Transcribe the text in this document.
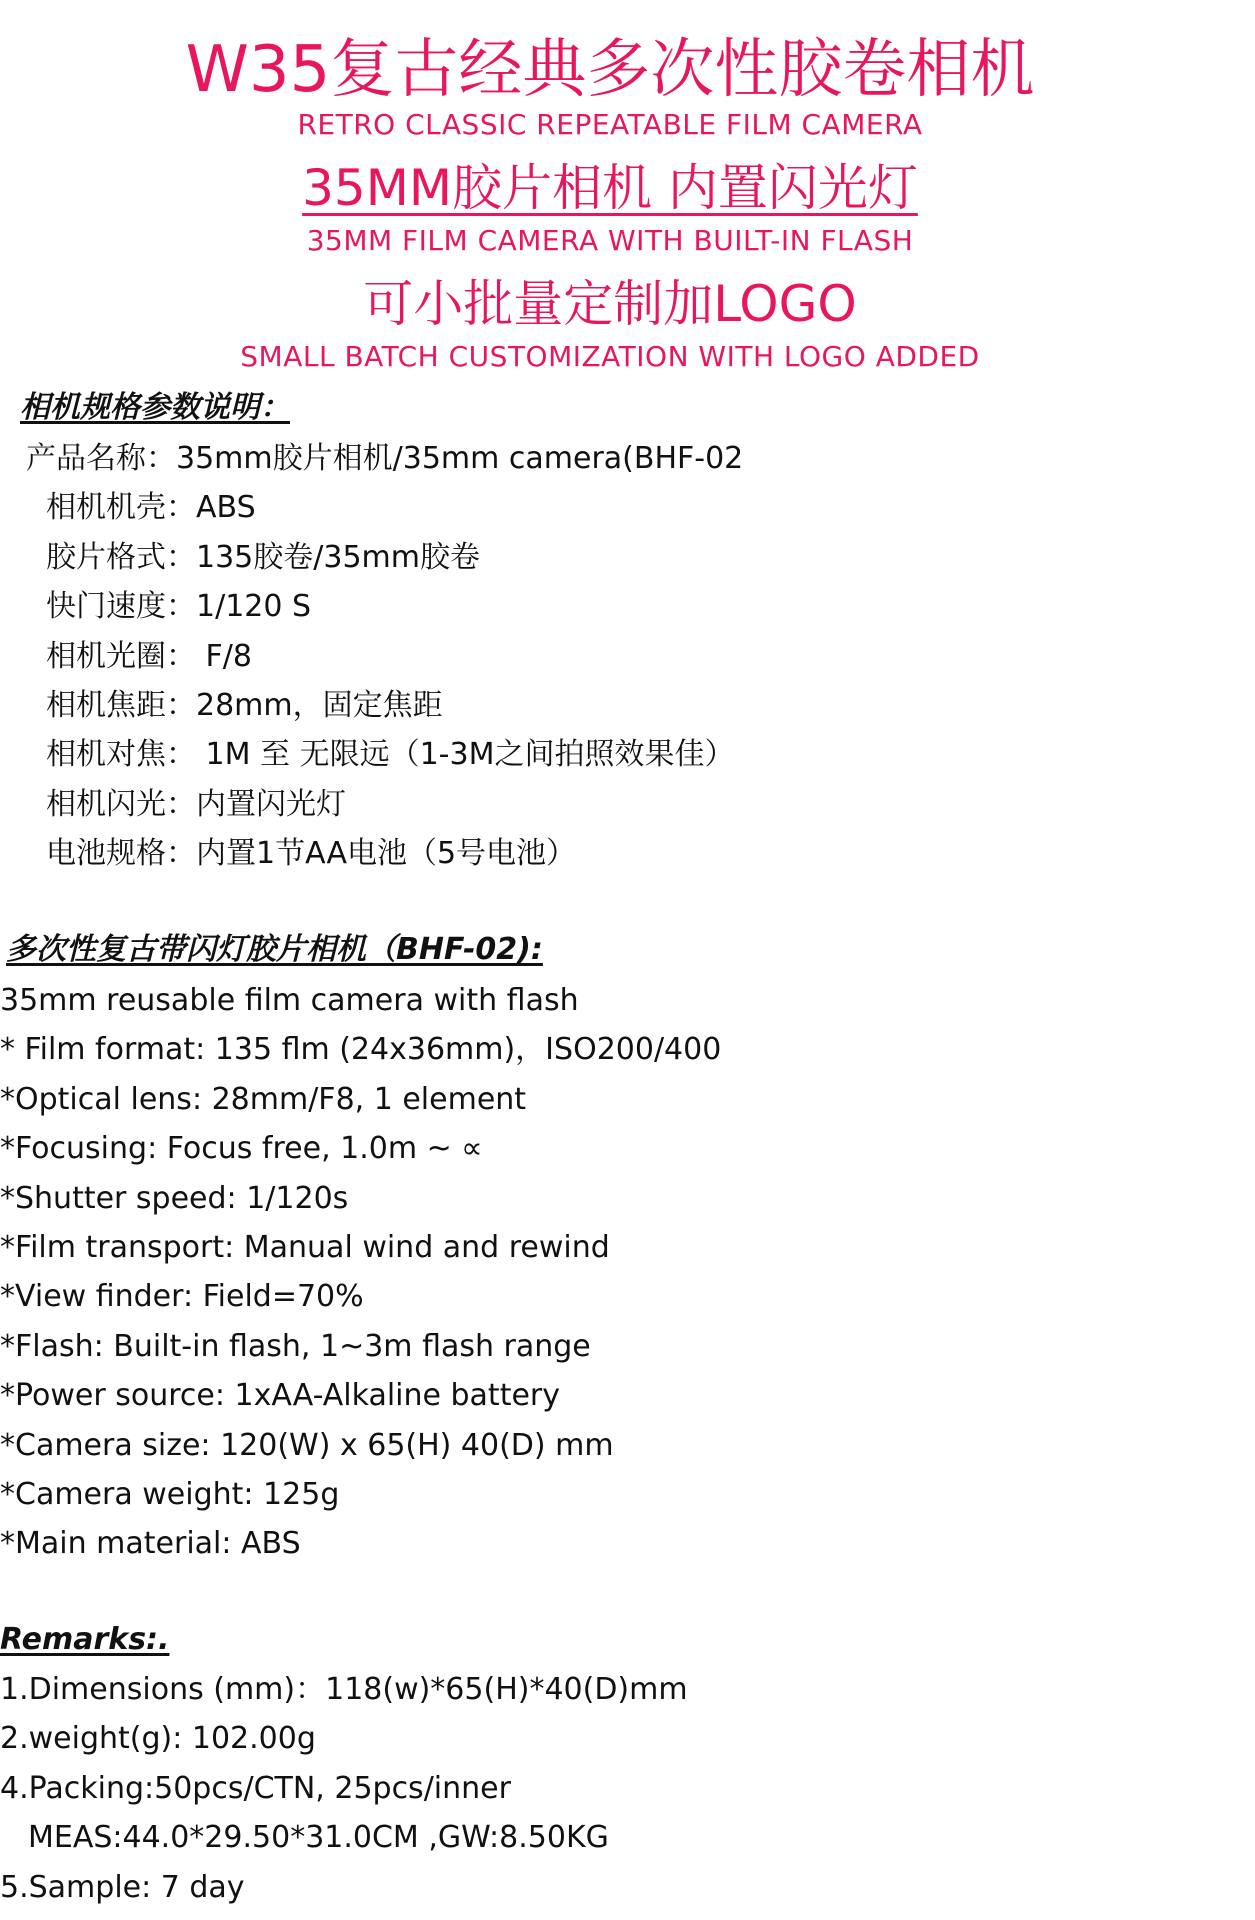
W35复古经典多次性胶卷相机
RETRO CLASSIC REPEATABLE FILM CAMERA
35MM胶片相机 内置闪光灯
35MM FILM CAMERA WITH BUILT-IN FLASH
可小批量定制加LOGO
SMALL BATCH CUSTOMIZATION WITH LOGO ADDED
相机规格参数说明：
产品名称：35mm胶片相机/35mm camera(BHF-02
相机机壳：ABS
胶片格式：135胶卷/35mm胶卷
快门速度：1/120 S
相机光圈： F/8
相机焦距：28mm，固定焦距
相机对焦： 1M 至 无限远（1-3M之间拍照效果佳）
相机闪光：内置闪光灯
电池规格：内置1节AA电池（5号电池）
多次性复古带闪灯胶片相机（BHF-02):
35mm reusable film camera with flash
* Film format: 135 flm (24x36mm)，ISO200/400
*Optical lens: 28mm/F8, 1 element
*Focusing: Focus free, 1.0m ~ ∝
*Shutter speed: 1/120s
*Film transport: Manual wind and rewind
*View finder: Field=70%
*Flash: Built-in flash, 1~3m flash range
*Power source: 1xAA-Alkaline battery
*Camera size: 120(W) x 65(H) 40(D) mm
*Camera weight: 125g
*Main material: ABS
Remarks:.
1.Dimensions (mm)：118(w)*65(H)*40(D)mm
2.weight(g): 102.00g
4.Packing:50pcs/CTN, 25pcs/inner
MEAS:44.0*29.50*31.0CM ,GW:8.50KG
5.Sample: 7 day
